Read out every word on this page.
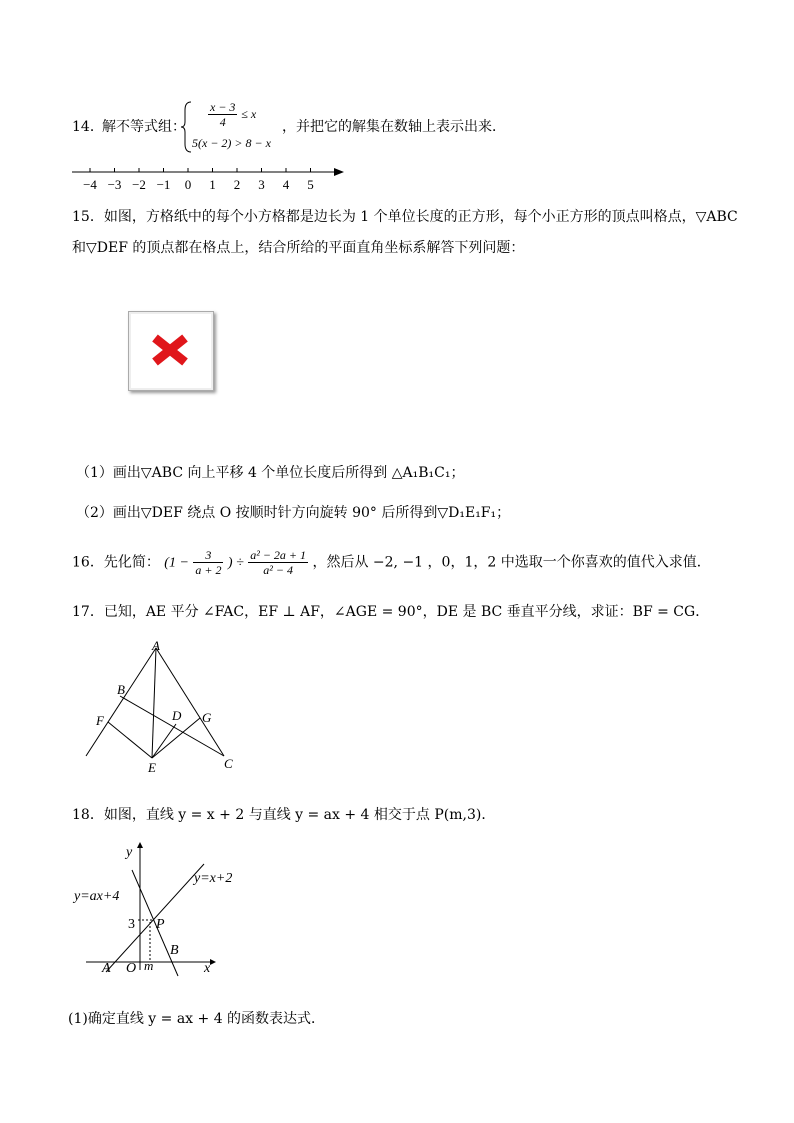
14．
解不等式组： $\frac{x - 3}{4} \le x$
5(x − 2) > 8 − x
，并把它的解集在数轴上表示出来．
−4 −3 −2 −1 0 1 2 3 4 5
15．如图，方格纸中的每个小方格都是边长为 1 个单位长度的正方形，每个小正方形的顶点叫格点，▽ABC
和▽DEF 的顶点都在格点上，结合所给的平面直角坐标系解答下列问题：
（1）画出▽ABC 向上平移 4 个单位长度后所得到 △A₁B₁C₁；
（2）画出▽DEF 绕点 O 按顺时针方向旋转 90° 后所得到▽D₁E₁F₁；
16．先化简： ($1 - \frac{3}{a + 2}$ ) ÷ $\frac{\text{a² − 2a + 1}}{\text{a² − 4}}$ ，然后从 −2, −1 ，0，1，2 中选取一个你喜欢的值代入求值．
17．已知，AE 平分 ∠FAC，EF ⊥ AF，∠AGE = 90°，DE 是 BC 垂直平分线，求证：BF = CG．
A
B
F	D G
E	C
18．如图，直线 y = x + 2 与直线 y = ax + 4 相交于点 P(m,3)．
y
y=ax+4
y=x+2
3 P
B
A O m	x
(1)确定直线 y = ax + 4 的函数表达式．
